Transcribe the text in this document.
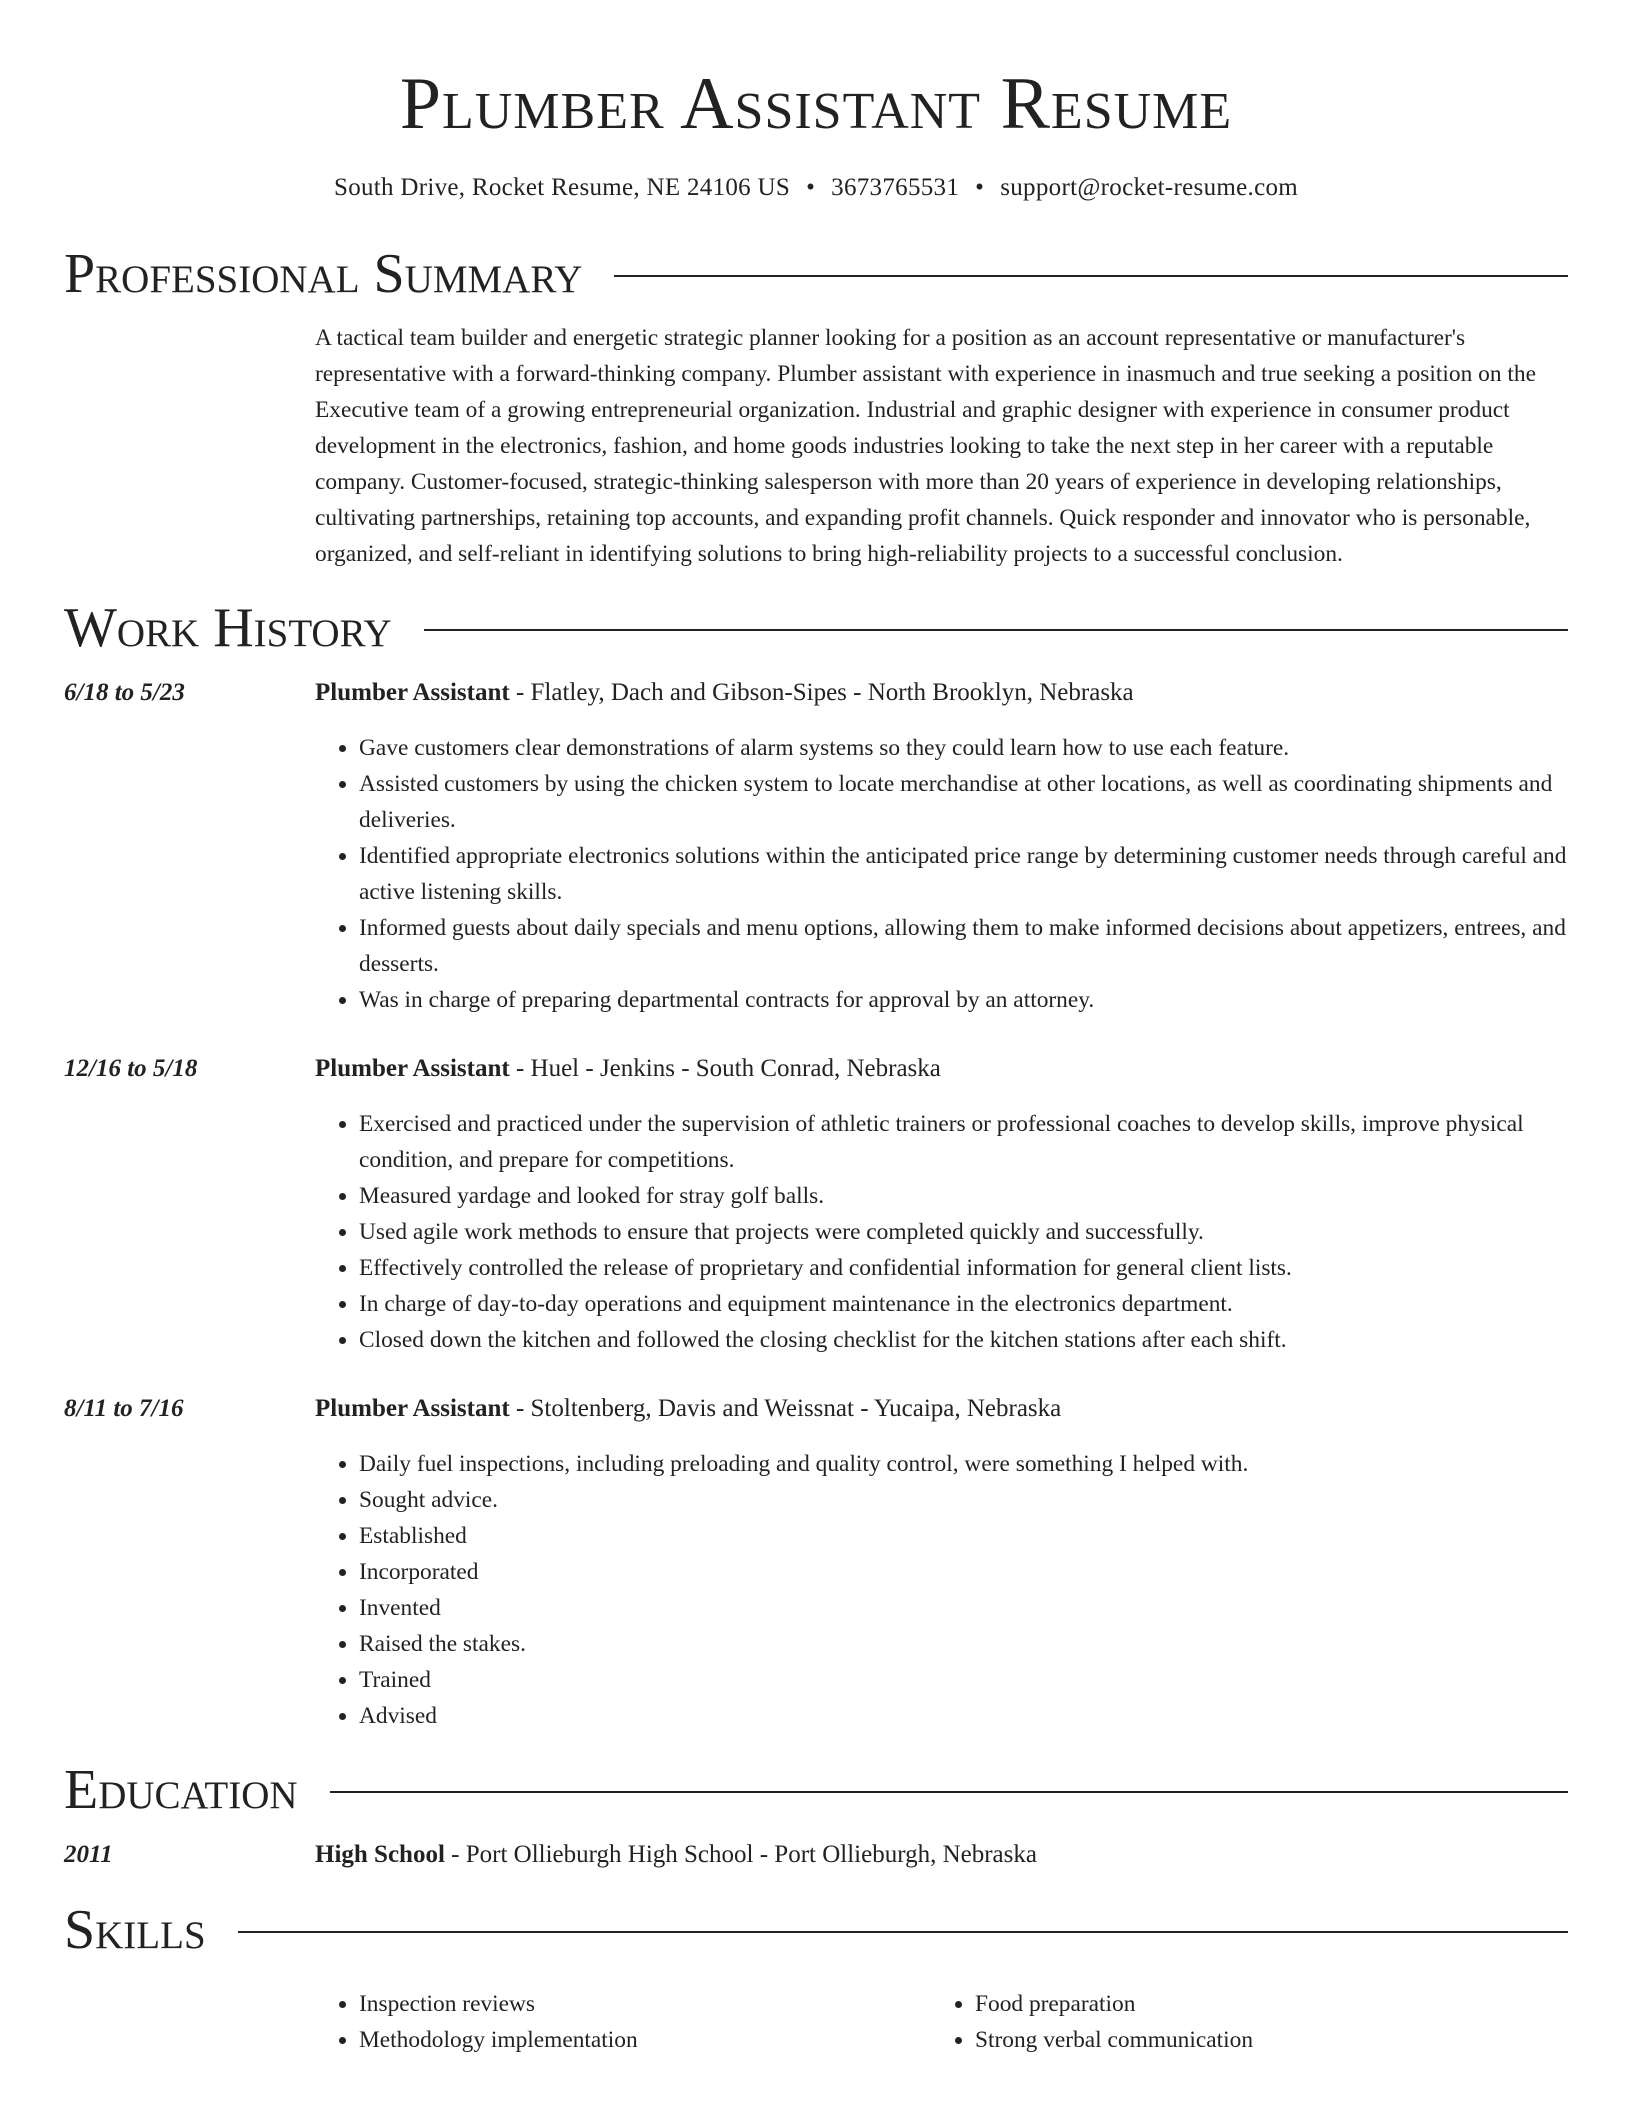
Plumber Assistant Resume
South Drive, Rocket Resume, NE 24106 US • 3673765531 • support@rocket-resume.com
Professional Summary
A tactical team builder and energetic strategic planner looking for a position as an account representative or manufacturer's representative with a forward-thinking company. Plumber assistant with experience in inasmuch and true seeking a position on the Executive team of a growing entrepreneurial organization. Industrial and graphic designer with experience in consumer product development in the electronics, fashion, and home goods industries looking to take the next step in her career with a reputable company. Customer-focused, strategic-thinking salesperson with more than 20 years of experience in developing relationships, cultivating partnerships, retaining top accounts, and expanding profit channels. Quick responder and innovator who is personable, organized, and self-reliant in identifying solutions to bring high-reliability projects to a successful conclusion.
Work History
6/18 to 5/23	Plumber Assistant - Flatley, Dach and Gibson-Sipes - North Brooklyn, Nebraska
• Gave customers clear demonstrations of alarm systems so they could learn how to use each feature.
• Assisted customers by using the chicken system to locate merchandise at other locations, as well as coordinating shipments and deliveries.
• Identified appropriate electronics solutions within the anticipated price range by determining customer needs through careful and active listening skills.
• Informed guests about daily specials and menu options, allowing them to make informed decisions about appetizers, entrees, and desserts.
• Was in charge of preparing departmental contracts for approval by an attorney.
12/16 to 5/18	Plumber Assistant - Huel - Jenkins - South Conrad, Nebraska
• Exercised and practiced under the supervision of athletic trainers or professional coaches to develop skills, improve physical condition, and prepare for competitions.
• Measured yardage and looked for stray golf balls.
• Used agile work methods to ensure that projects were completed quickly and successfully.
• Effectively controlled the release of proprietary and confidential information for general client lists.
• In charge of day-to-day operations and equipment maintenance in the electronics department.
• Closed down the kitchen and followed the closing checklist for the kitchen stations after each shift.
8/11 to 7/16	Plumber Assistant - Stoltenberg, Davis and Weissnat - Yucaipa, Nebraska
• Daily fuel inspections, including preloading and quality control, were something I helped with.
• Sought advice.
• Established
• Incorporated
• Invented
• Raised the stakes.
• Trained
• Advised
Education
2011	High School - Port Ollieburgh High School - Port Ollieburgh, Nebraska
Skills
• Inspection reviews
• Methodology implementation
• Food preparation
• Strong verbal communication
